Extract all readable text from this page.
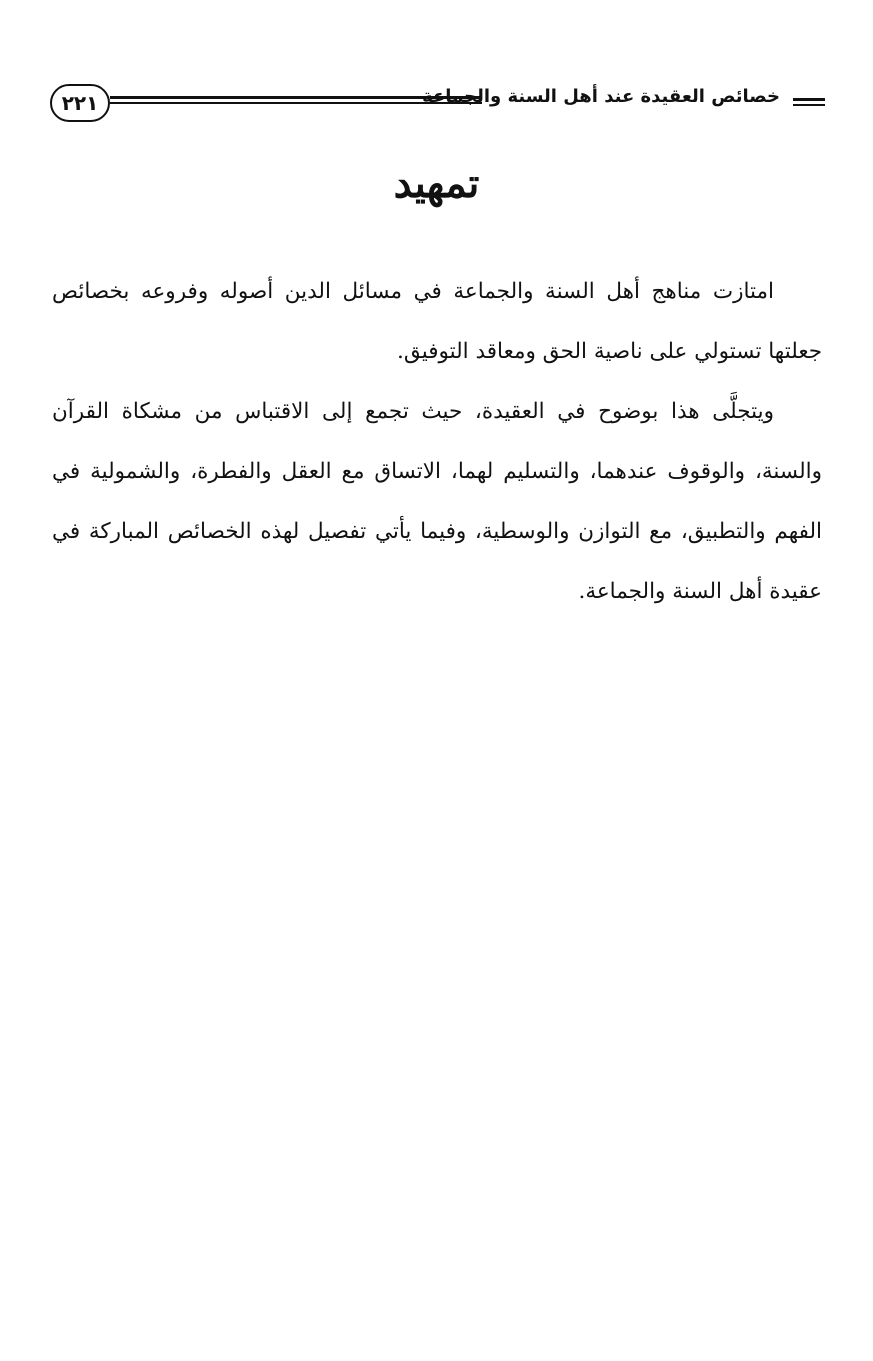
٢٢١	خصائص العقيدة عند أهل السنة والجماعة
تمهيد

امتازت مناهج أهل السنة والجماعة في مسائل الدين أصوله وفروعه بخصائص جعلتها تستولي على ناصية الحق ومعاقد التوفيق.

ويتجلَّى هذا بوضوح في العقيدة، حيث تجمع إلى الاقتباس من مشكاة القرآن والسنة، والوقوف عندهما، والتسليم لهما، الاتساق مع العقل والفطرة، والشمولية في الفهم والتطبيق، مع التوازن والوسطية، وفيما يأتي تفصيل لهذه الخصائص المباركة في عقيدة أهل السنة والجماعة.
